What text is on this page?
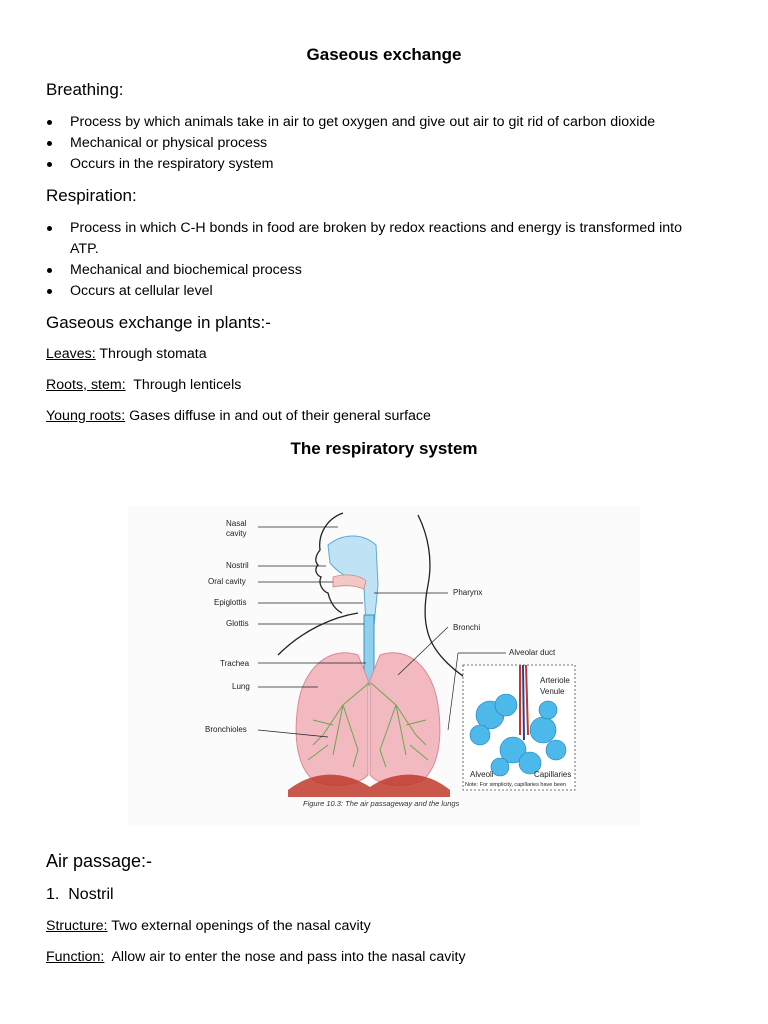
Gaseous exchange
Breathing:
Process by which animals take in air to get oxygen and give out air to git rid of carbon dioxide
Mechanical or physical process
Occurs in the respiratory system
Respiration:
Process in which C-H bonds in food are broken by redox reactions and energy is transformed into ATP.
Mechanical and biochemical process
Occurs at cellular level
Gaseous exchange in plants:-
Leaves: Through stomata
Roots, stem:  Through lenticels
Young roots: Gases diffuse in and out of their general surface
The respiratory system
Nasal cavity
Nostril
Oral cavity
Epiglottis
Glottis
Trachea
Lung
Bronchioles
Pharynx
Bronchi
Alveolar duct
Arteriole
Venule
Alveoli	Capillaries
Note: For simplicity, capillaries have been
Figure 10.3: The air passageway and the lungs
Air passage:-
1.  Nostril
Structure: Two external openings of the nasal cavity
Function:  Allow air to enter the nose and pass into the nasal cavity
